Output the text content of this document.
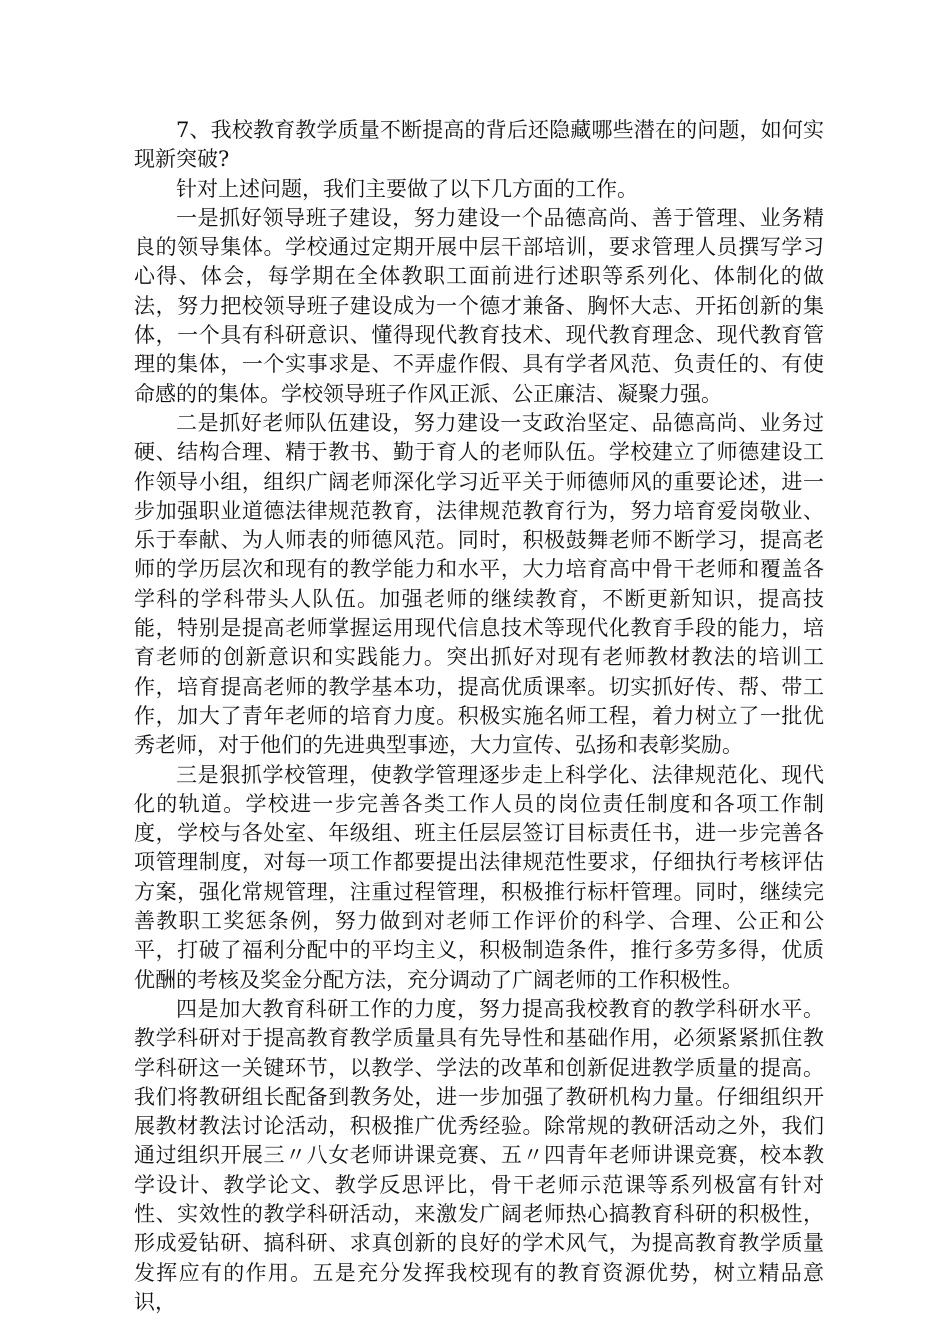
7、我校教育教学质量不断提高的背后还隐藏哪些潜在的问题，如何实现新突破?

针对上述问题，我们主要做了以下几方面的工作。

一是抓好领导班子建设，努力建设一个品德高尚、善于管理、业务精良的领导集体。学校通过定期开展中层干部培训，要求管理人员撰写学习心得、体会，每学期在全体教职工面前进行述职等系列化、体制化的做法，努力把校领导班子建设成为一个德才兼备、胸怀大志、开拓创新的集体，一个具有科研意识、懂得现代教育技术、现代教育理念、现代教育管理的集体，一个实事求是、不弄虚作假、具有学者风范、负责任的、有使命感的的集体。学校领导班子作风正派、公正廉洁、凝聚力强。

二是抓好老师队伍建设，努力建设一支政治坚定、品德高尚、业务过硬、结构合理、精于教书、勤于育人的老师队伍。学校建立了师德建设工作领导小组，组织广阔老师深化学习近平关于师德师风的重要论述，进一步加强职业道德法律规范教育，法律规范教育行为，努力培育爱岗敬业、乐于奉献、为人师表的师德风范。同时，积极鼓舞老师不断学习，提高老师的学历层次和现有的教学能力和水平，大力培育高中骨干老师和覆盖各学科的学科带头人队伍。加强老师的继续教育，不断更新知识，提高技能，特别是提高老师掌握运用现代信息技术等现代化教育手段的能力，培育老师的创新意识和实践能力。突出抓好对现有老师教材教法的培训工作，培育提高老师的教学基本功，提高优质课率。切实抓好传、帮、带工作，加大了青年老师的培育力度。积极实施名师工程，着力树立了一批优秀老师，对于他们的先进典型事迹，大力宣传、弘扬和表彰奖励。

三是狠抓学校管理，使教学管理逐步走上科学化、法律规范化、现代化的轨道。学校进一步完善各类工作人员的岗位责任制度和各项工作制度，学校与各处室、年级组、班主任层层签订目标责任书，进一步完善各项管理制度，对每一项工作都要提出法律规范性要求，仔细执行考核评估方案，强化常规管理，注重过程管理，积极推行标杆管理。同时，继续完善教职工奖惩条例，努力做到对老师工作评价的科学、合理、公正和公平，打破了福利分配中的平均主义，积极制造条件，推行多劳多得，优质优酬的考核及奖金分配方法，充分调动了广阔老师的工作积极性。

四是加大教育科研工作的力度，努力提高我校教育的教学科研水平。教学科研对于提高教育教学质量具有先导性和基础作用，必须紧紧抓住教学科研这一关键环节，以教学、学法的改革和创新促进教学质量的提高。我们将教研组长配备到教务处，进一步加强了教研机构力量。仔细组织开展教材教法讨论活动，积极推广优秀经验。除常规的教研活动之外，我们通过组织开展三〃八女老师讲课竞赛、五〃四青年老师讲课竞赛，校本教学设计、教学论文、教学反思评比，骨干老师示范课等系列极富有针对性、实效性的教学科研活动，来激发广阔老师热心搞教育科研的积极性，形成爱钻研、搞科研、求真创新的良好的学术风气，为提高教育教学质量发挥应有的作用。五是充分发挥我校现有的教育资源优势，树立精品意识，
